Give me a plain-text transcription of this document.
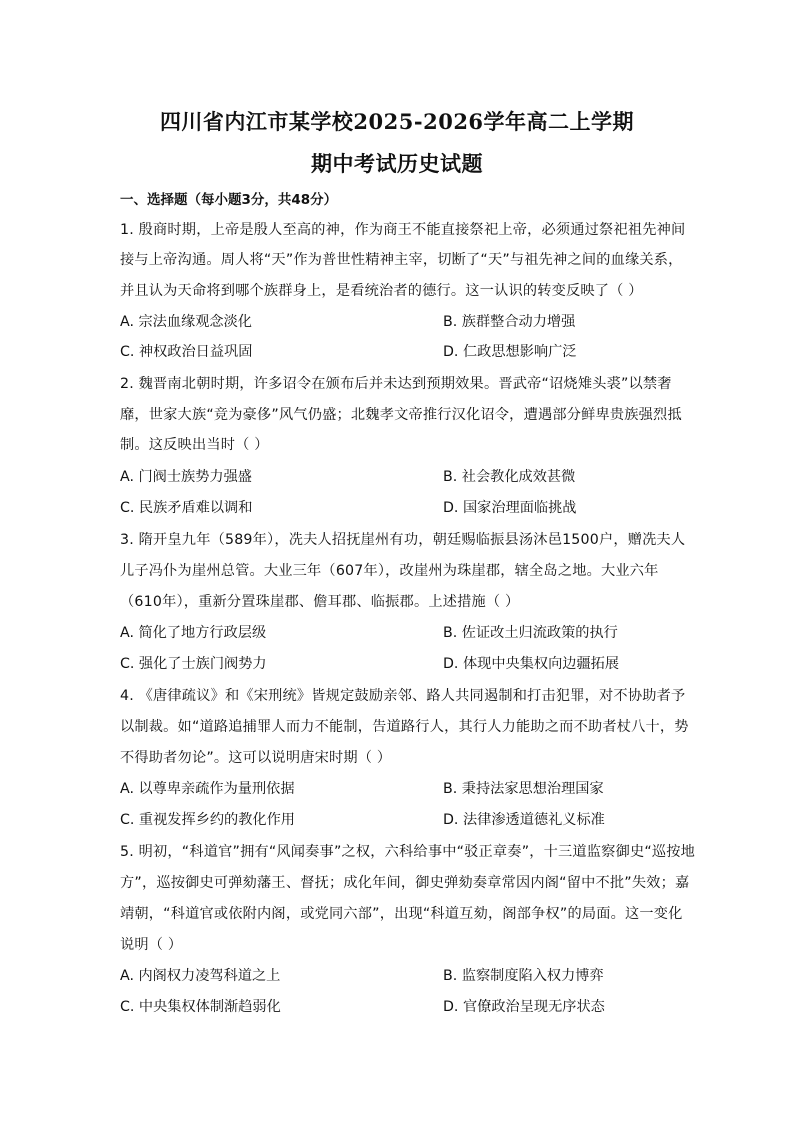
四川省内江市某学校2025-2026学年高二上学期
期中考试历史试题
一、选择题（每小题3分，共48分）
1. 殷商时期，上帝是殷人至高的神，作为商王不能直接祭祀上帝，必须通过祭祀祖先神间
接与上帝沟通。周人将“天”作为普世性精神主宰，切断了“天”与祖先神之间的血缘关系，
并且认为天命将到哪个族群身上，是看统治者的德行。这一认识的转变反映了（ ）
A. 宗法血缘观念淡化	B. 族群整合动力增强
C. 神权政治日益巩固	D. 仁政思想影响广泛
2. 魏晋南北朝时期，许多诏令在颁布后并未达到预期效果。晋武帝“诏烧雉头裘”以禁奢
靡，世家大族“竞为豪侈”风气仍盛；北魏孝文帝推行汉化诏令，遭遇部分鲜卑贵族强烈抵
制。这反映出当时（ ）
A. 门阀士族势力强盛	B. 社会教化成效甚微
C. 民族矛盾难以调和	D. 国家治理面临挑战
3. 隋开皇九年（589年），冼夫人招抚崖州有功，朝廷赐临振县汤沐邑1500户，赠冼夫人
儿子冯仆为崖州总管。大业三年（607年），改崖州为珠崖郡，辖全岛之地。大业六年
（610年），重新分置珠崖郡、儋耳郡、临振郡。上述措施（ ）
A. 简化了地方行政层级	B. 佐证改土归流政策的执行
C. 强化了士族门阀势力	D. 体现中央集权向边疆拓展
4. 《唐律疏议》和《宋刑统》皆规定鼓励亲邻、路人共同遏制和打击犯罪，对不协助者予
以制裁。如“道路追捕罪人而力不能制，告道路行人，其行人力能助之而不助者杖八十，势
不得助者勿论”。这可以说明唐宋时期（ ）
A. 以尊卑亲疏作为量刑依据	B. 秉持法家思想治理国家
C. 重视发挥乡约的教化作用	D. 法律渗透道德礼义标准
5. 明初，“科道官”拥有“风闻奏事”之权，六科给事中“驳正章奏”，十三道监察御史“巡按地
方”，巡按御史可弹劾藩王、督抚；成化年间，御史弹劾奏章常因内阁“留中不批”失效；嘉
靖朝，“科道官或依附内阁，或党同六部”，出现“科道互劾，阁部争权”的局面。这一变化
说明（ ）
A. 内阁权力凌驾科道之上	B. 监察制度陷入权力博弈
C. 中央集权体制渐趋弱化	D. 官僚政治呈现无序状态
